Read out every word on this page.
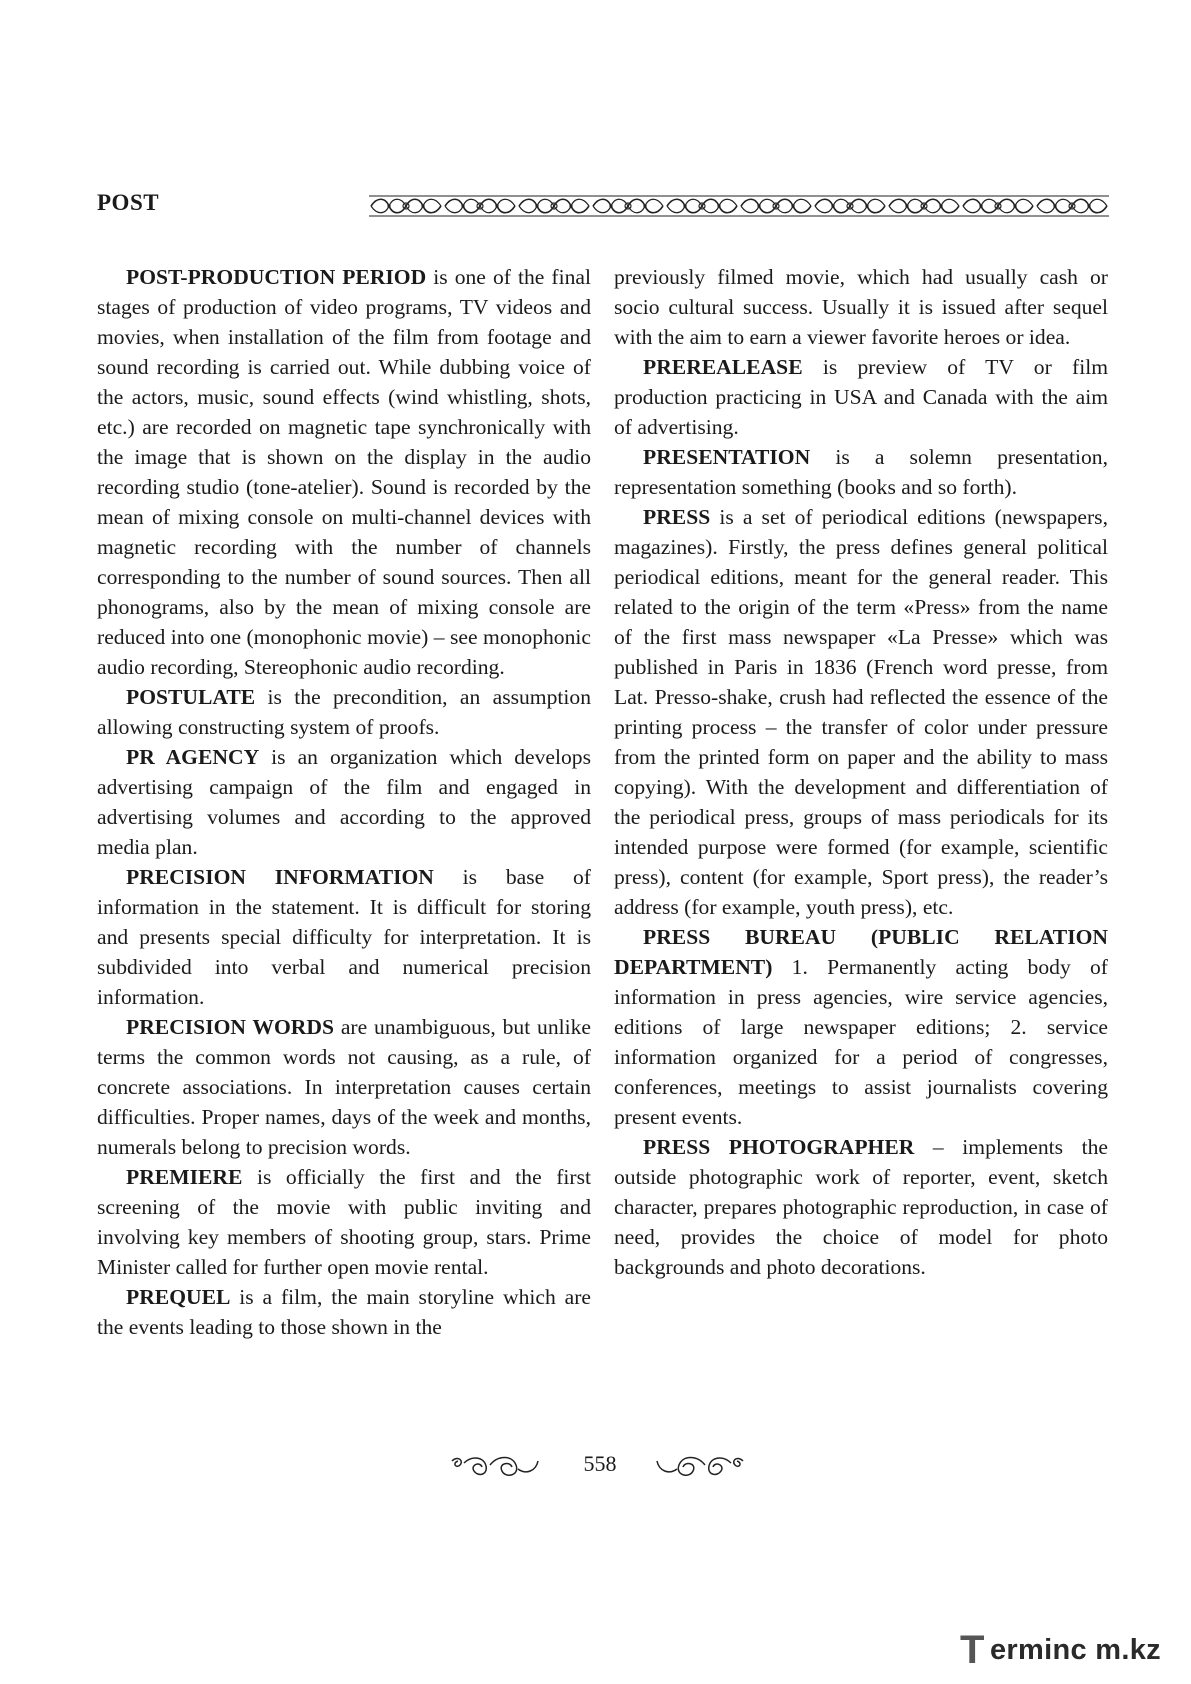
POST

POST-PRODUCTION PERIOD is one of the final stages of production of video programs, TV videos and movies, when installation of the film from footage and sound recording is carried out. While dubbing voice of the actors, music, sound effects (wind whistling, shots, etc.) are recorded on magnetic tape synchronically with the image that is shown on the display in the audio recording studio (tone-atelier). Sound is recorded by the mean of mixing console on multi-channel devices with magnetic recording with the number of channels corresponding to the number of sound sources. Then all phonograms, also by the mean of mixing console are reduced into one (monophonic movie) – see monophonic audio recording, Stereophonic audio recording.

POSTULATE is the precondition, an assumption allowing constructing system of proofs.

PR AGENCY is an organization which develops advertising campaign of the film and engaged in advertising volumes and according to the approved media plan.

PRECISION INFORMATION is base of information in the statement. It is difficult for storing and presents special difficulty for interpretation. It is subdivided into verbal and numerical precision information.

PRECISION WORDS are unambiguous, but unlike terms the common words not causing, as a rule, of concrete associations. In interpretation causes certain difficulties. Proper names, days of the week and months, numerals belong to precision words.

PREMIERE is officially the first and the first screening of the movie with public inviting and involving key members of shooting group, stars. Prime Minister called for further open movie rental.

PREQUEL is a film, the main storyline which are the events leading to those shown in the

previously filmed movie, which had usually cash or socio cultural success. Usually it is issued after sequel with the aim to earn a viewer favorite heroes or idea.

PREREALEASE is preview of TV or film production practicing in USA and Canada with the aim of advertising.

PRESENTATION is a solemn presentation, representation something (books and so forth).

PRESS is a set of periodical editions (newspapers, magazines). Firstly, the press defines general political periodical editions, meant for the general reader. This related to the origin of the term «Press» from the name of the first mass newspaper «La Presse» which was published in Paris in 1836 (French word presse, from Lat. Presso-shake, crush had reflected the essence of the printing process – the transfer of color under pressure from the printed form on paper and the ability to mass copying). With the development and differentiation of the periodical press, groups of mass periodicals for its intended purpose were formed (for example, scientific press), content (for example, Sport press), the reader’s address (for example, youth press), etc.

PRESS BUREAU (PUBLIC RELATION DEPARTMENT) 1. Permanently acting body of information in press agencies, wire service agencies, editions of large newspaper editions; 2. service information organized for a period of congresses, conferences, meetings to assist journalists covering present events.

PRESS PHOTOGRAPHER – implements the outside photographic work of reporter, event, sketch character, prepares photographic reproduction, in case of need, provides the choice of model for photo backgrounds and photo decorations.

558
T erminc m.kz
